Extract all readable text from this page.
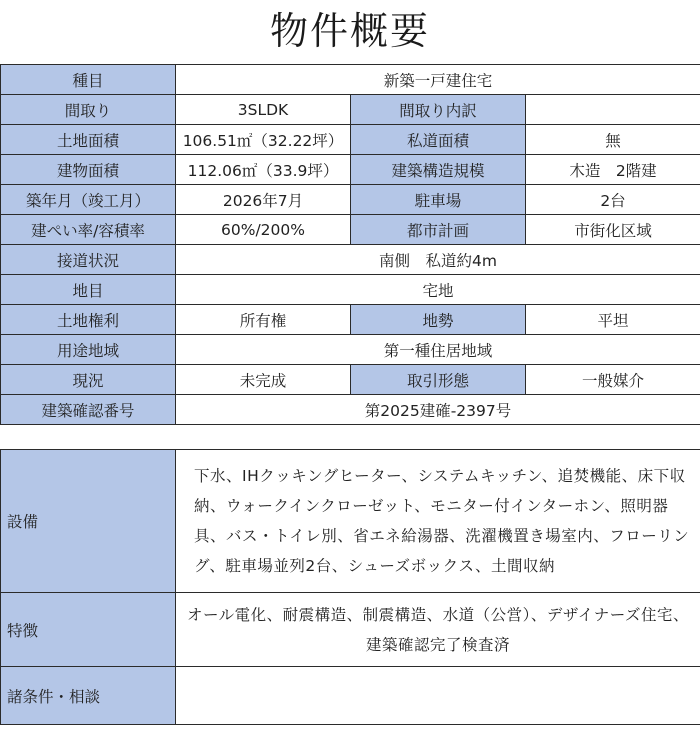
物件概要
種目	新築一戸建住宅		
間取り	3SLDK	間取り内訳	
土地面積	106.51㎡（32.22坪）	私道面積	無
建物面積	112.06㎡（33.9坪）	建築構造規模	木造　2階建
築年月（竣工月）	2026年7月	駐車場	2台
建ぺい率/容積率	60%/200%	都市計画	市街化区域
接道状況	南側　私道約4m		
地目	宅地		
土地権利	所有権	地勢	平坦
用途地域	第一種住居地域		
現況	未完成	取引形態	一般媒介
建築確認番号	第2025建確-2397号		
設備	下水、IHクッキングヒーター、システムキッチン、追焚機能、床下収納、ウォークインクローゼット、モニター付インターホン、照明器具、バス・トイレ別、省エネ給湯器、洗濯機置き場室内、フローリング、駐車場並列2台、シューズボックス、土間収納
特徴	オール電化、耐震構造、制震構造、水道（公営）、デザイナーズ住宅、建築確認完了検査済
諸条件・相談	
